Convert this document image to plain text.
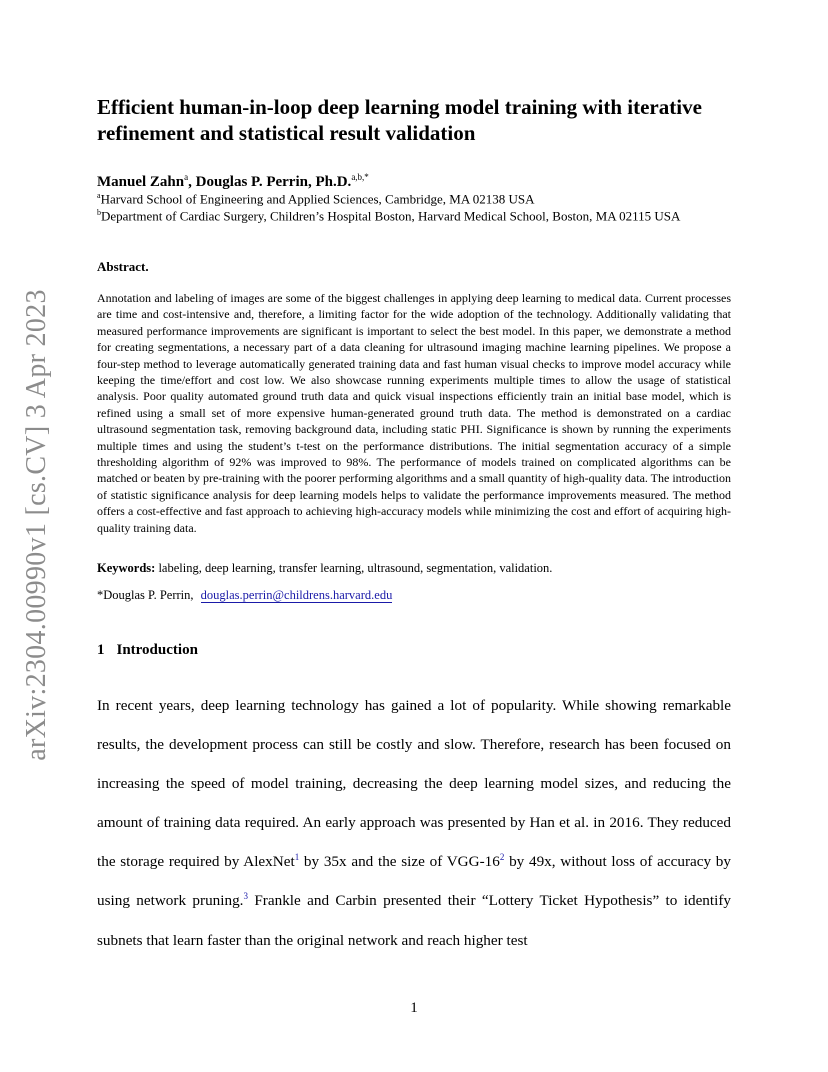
arXiv:2304.00990v1 [cs.CV] 3 Apr 2023
Efficient human-in-loop deep learning model training with iterative refinement and statistical result validation
Manuel Zahn$^a$, Douglas P. Perrin, Ph.D.$^{a,b,*}$
$^a$Harvard School of Engineering and Applied Sciences, Cambridge, MA 02138 USA
$^b$Department of Cardiac Surgery, Children’s Hospital Boston, Harvard Medical School, Boston, MA 02115 USA
Abstract.

Annotation and labeling of images are some of the biggest challenges in applying deep learning to medical data. Current processes are time and cost-intensive and, therefore, a limiting factor for the wide adoption of the technology. Additionally validating that measured performance improvements are significant is important to select the best model. In this paper, we demonstrate a method for creating segmentations, a necessary part of a data cleaning for ultrasound imaging machine learning pipelines. We propose a four-step method to leverage automatically generated training data and fast human visual checks to improve model accuracy while keeping the time/effort and cost low. We also showcase running experiments multiple times to allow the usage of statistical analysis. Poor quality automated ground truth data and quick visual inspections efficiently train an initial base model, which is refined using a small set of more expensive human-generated ground truth data. The method is demonstrated on a cardiac ultrasound segmentation task, removing background data, including static PHI. Significance is shown by running the experiments multiple times and using the student’s t-test on the performance distributions. The initial segmentation accuracy of a simple thresholding algorithm of 92% was improved to 98%. The performance of models trained on complicated algorithms can be matched or beaten by pre-training with the poorer performing algorithms and a small quantity of high-quality data. The introduction of statistic significance analysis for deep learning models helps to validate the performance improvements measured. The method offers a cost-effective and fast approach to achieving high-accuracy models while minimizing the cost and effort of acquiring high-quality training data.

Keywords: labeling, deep learning, transfer learning, ultrasound, segmentation, validation.
*Douglas P. Perrin, douglas.perrin@childrens.harvard.edu
1 Introduction

In recent years, deep learning technology has gained a lot of popularity. While showing remarkable results, the development process can still be costly and slow. Therefore, research has been focused on increasing the speed of model training, decreasing the deep learning model sizes, and reducing the amount of training data required. An early approach was presented by Han et al. in 2016. They reduced the storage required by AlexNet$^1$ by 35x and the size of VGG-16$^2$ by 49x, without loss of accuracy by using network pruning.$^3$ Frankle and Carbin presented their “Lottery Ticket Hypothesis” to identify subnets that learn faster than the original network and reach higher test

1
